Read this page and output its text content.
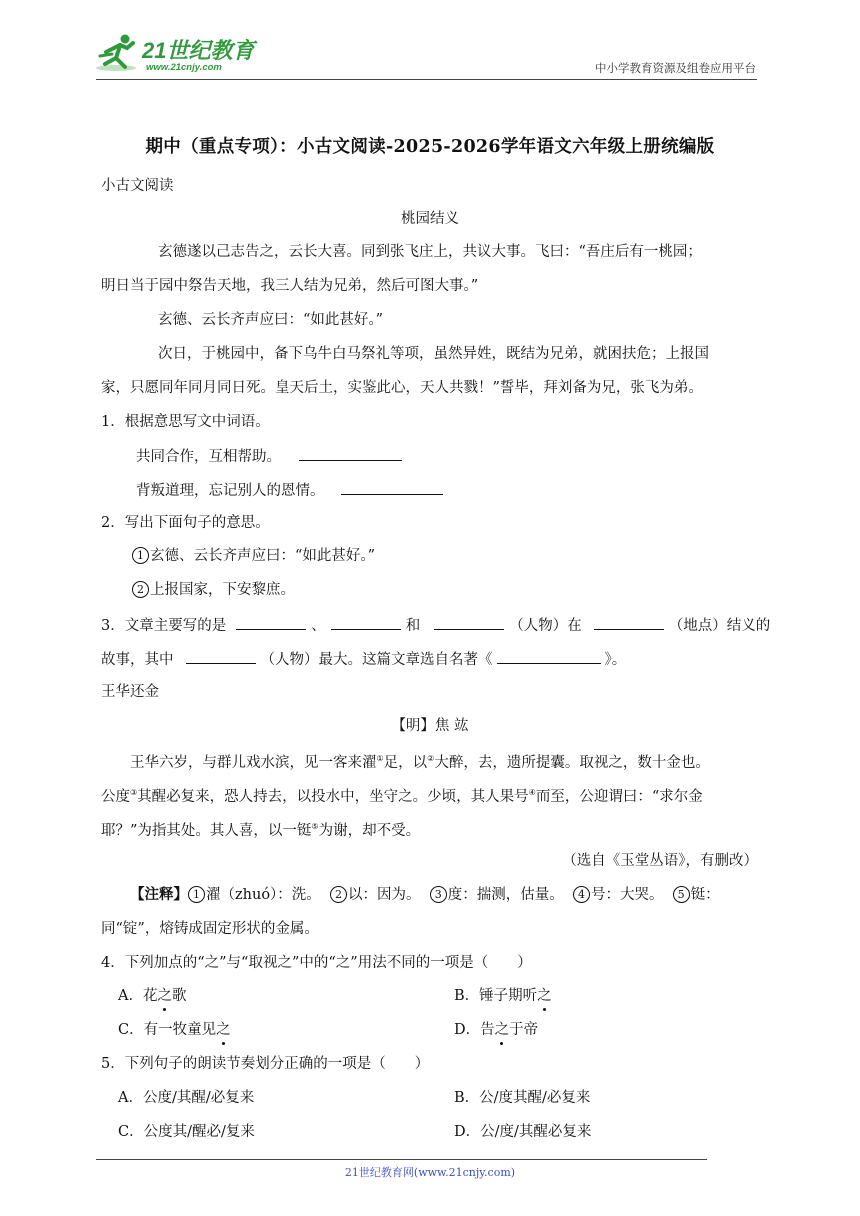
21世纪教育
www.21cnjy.com	中小学教育资源及组卷应用平台
期中（重点专项）：小古文阅读-2025-2026学年语文六年级上册统编版
小古文阅读
桃园结义
玄德遂以己志告之，云长大喜。同到张飞庄上，共议大事。飞曰：“吾庄后有一桃园；
明日当于园中祭告天地，我三人结为兄弟，然后可图大事。”
玄德、云长齐声应曰：“如此甚好。”
次日，于桃园中，备下乌牛白马祭礼等项，虽然异姓，既结为兄弟，就困扶危；上报国
家，只愿同年同月同日死。皇天后土，实鉴此心，天人共戮！”誓毕，拜刘备为兄，张飞为弟。
1．根据意思写文中词语。
共同合作，互相帮助。
背叛道理，忘记别人的恩情。
2．写出下面句子的意思。
1 玄德、云长齐声应曰：“如此甚好。”
2 上报国家，下安黎庶。
3．文章主要写的是	、	和	（人物）在	（地点）结义的
故事，其中	（人物）最大。这篇文章选自名著《	》。
王华还金
【明】焦 竑
王华六岁，与群儿戏水滨，见一客来濯①足，以②大醉，去，遗所提囊。取视之，数十金也。
公度③其醒必复来，恐人持去，以投水中，坐守之。少顷，其人果号④而至，公迎谓曰：“求尔金
耶？”为指其处。其人喜，以一铤⑤为谢，却不受。
（选自《玉堂丛语》，有删改）
【注释】 1 濯（zhuó）：洗。 2 以：因为。 3 度：揣测，估量。 4 号：大哭。 5 铤：
同“锭”，熔铸成固定形状的金属。
4．下列加点的“之”与“取视之”中的“之”用法不同的一项是（　　）
A．花之歌	B．锤子期听之
C．有一牧童见之	D．告之于帝
5．下列句子的朗读节奏划分正确的一项是（　　）
A．公度/其醒/必复来	B．公/度其醒/必复来
C．公度其/醒必/复来	D．公/度/其醒必复来
21世纪教育网(www.21cnjy.com)
